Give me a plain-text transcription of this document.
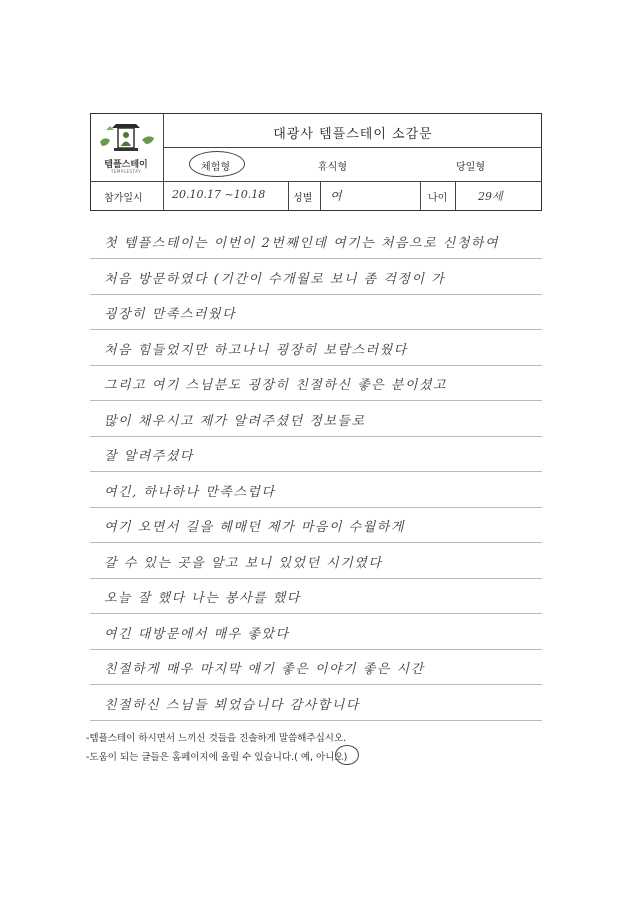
템플스테이
TEMPLESTAY
대광사 템플스테이 소감문
체험형	휴식형	당일형
참가일시	20.10.17 ~10.18	성별 여	나이	29세
첫 템플스테이는 이번이 2번째인데 여기는 처음으로 신청하여
처음 방문하였다 (기간이 수개월로 보니 좀 걱정이 가
굉장히 만족스러웠다
처음 힘들었지만 하고나니 굉장히 보람스러웠다
그리고 여기 스님분도 굉장히 친절하신 좋은 분이셨고
많이 채우시고 제가 알려주셨던 정보들로
잘 알려주셨다
여긴, 하나하나 만족스럽다
여기 오면서 길을 헤매던 제가 마음이 수월하게
갈 수 있는 곳을 알고 보니 있었던 시기였다
오늘 잘 했다 나는 봉사를 했다
여긴 대방문에서 매우 좋았다
친절하게 매우 마지막 얘기 좋은 이야기 좋은 시간
친절하신 스님들 뵈었습니다 감사합니다
-템플스테이 하시면서 느끼신 것들을 진솔하게 말씀해주십시오.
-도움이 되는 글들은 홈페이지에 올릴 수 있습니다.( 예, 아니오)
